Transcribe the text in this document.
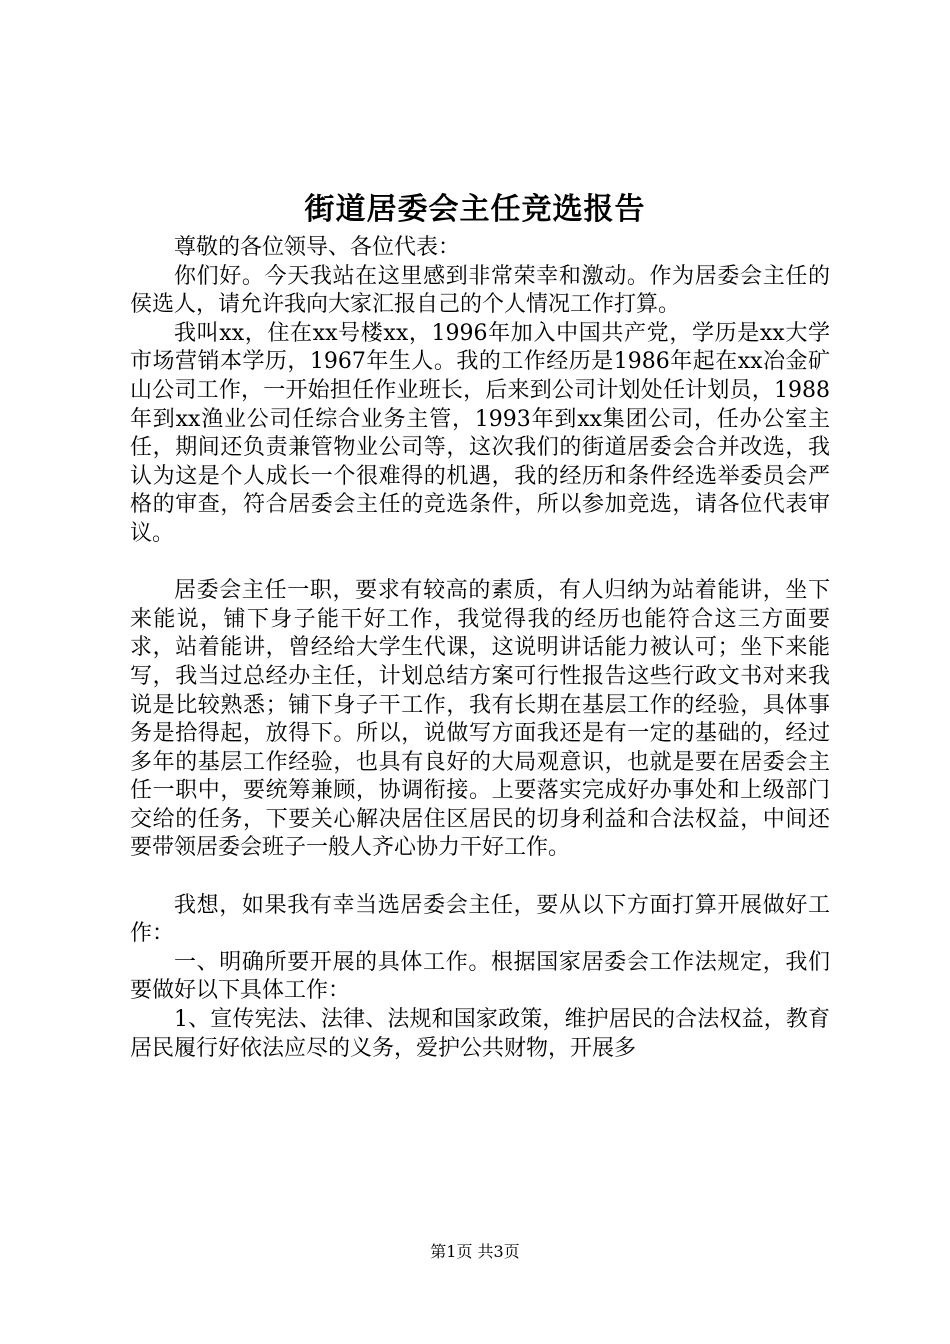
街道居委会主任竞选报告

尊敬的各位领导、各位代表：

你们好。今天我站在这里感到非常荣幸和激动。作为居委会主任的侯选人，请允许我向大家汇报自己的个人情况工作打算。

我叫xx，住在xx号楼xx，1996年加入中国共产党，学历是xx大学市场营销本学历，1967年生人。我的工作经历是1986年起在xx冶金矿山公司工作，一开始担任作业班长，后来到公司计划处任计划员，1988年到xx渔业公司任综合业务主管，1993年到xx集团公司，任办公室主任，期间还负责兼管物业公司等，这次我们的街道居委会合并改选，我认为这是个人成长一个很难得的机遇，我的经历和条件经选举委员会严格的审查，符合居委会主任的竞选条件，所以参加竞选，请各位代表审议。

居委会主任一职，要求有较高的素质，有人归纳为站着能讲，坐下来能说，铺下身子能干好工作，我觉得我的经历也能符合这三方面要求，站着能讲，曾经给大学生代课，这说明讲话能力被认可；坐下来能写，我当过总经办主任，计划总结方案可行性报告这些行政文书对来我说是比较熟悉；铺下身子干工作，我有长期在基层工作的经验，具体事务是拾得起，放得下。所以，说做写方面我还是有一定的基础的，经过多年的基层工作经验，也具有良好的大局观意识，也就是要在居委会主任一职中，要统筹兼顾，协调衔接。上要落实完成好办事处和上级部门交给的任务，下要关心解决居住区居民的切身利益和合法权益，中间还要带领居委会班子一般人齐心协力干好工作。

我想，如果我有幸当选居委会主任，要从以下方面打算开展做好工作：

一、明确所要开展的具体工作。根据国家居委会工作法规定，我们要做好以下具体工作：

1、宣传宪法、法律、法规和国家政策，维护居民的合法权益，教育居民履行好依法应尽的义务，爱护公共财物，开展多

第1页 共3页
